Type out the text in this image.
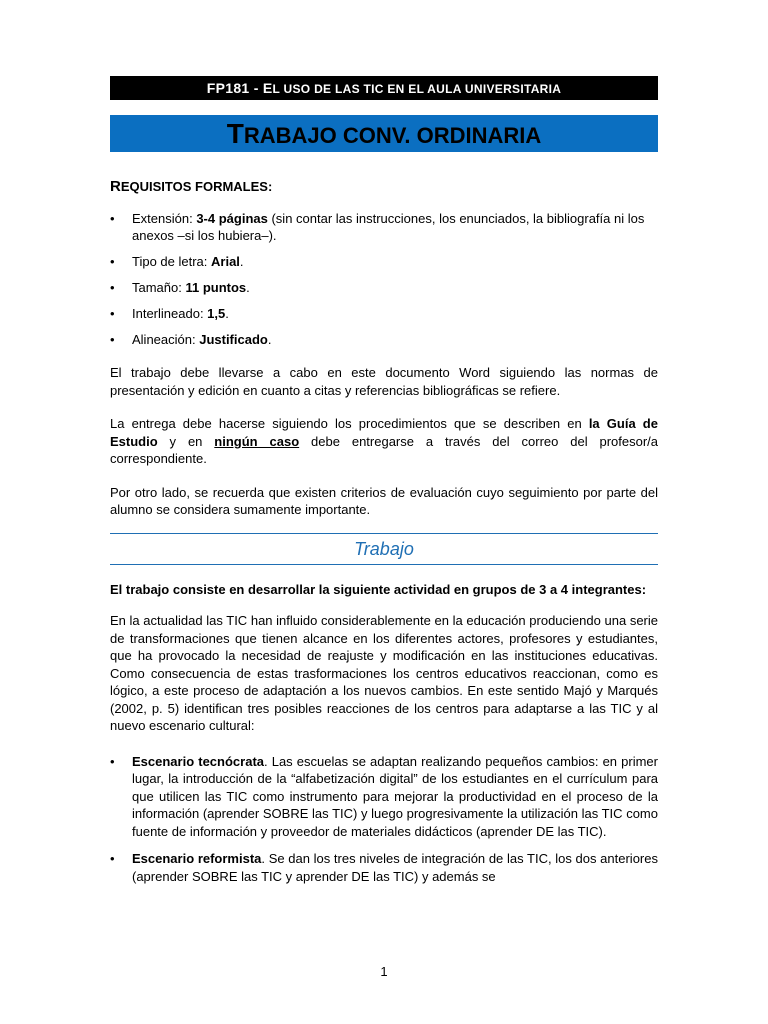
FP181 - EL USO DE LAS TIC EN EL AULA UNIVERSITARIA
TRABAJO CONV. ORDINARIA
REQUISITOS FORMALES:
• Extensión: 3-4 páginas (sin contar las instrucciones, los enunciados, la bibliografía ni los anexos –si los hubiera–).
• Tipo de letra: Arial.
• Tamaño: 11 puntos.
• Interlineado: 1,5.
• Alineación: Justificado.

El trabajo debe llevarse a cabo en este documento Word siguiendo las normas de presentación y edición en cuanto a citas y referencias bibliográficas se refiere.

La entrega debe hacerse siguiendo los procedimientos que se describen en la Guía de Estudio y en ningún caso debe entregarse a través del correo del profesor/a correspondiente.

Por otro lado, se recuerda que existen criterios de evaluación cuyo seguimiento por parte del alumno se considera sumamente importante.

Trabajo

El trabajo consiste en desarrollar la siguiente actividad en grupos de 3 a 4 integrantes:

En la actualidad las TIC han influido considerablemente en la educación produciendo una serie de transformaciones que tienen alcance en los diferentes actores, profesores y estudiantes, que ha provocado la necesidad de reajuste y modificación en las instituciones educativas. Como consecuencia de estas trasformaciones los centros educativos reaccionan, como es lógico, a este proceso de adaptación a los nuevos cambios. En este sentido Majó y Marqués (2002, p. 5) identifican tres posibles reacciones de los centros para adaptarse a las TIC y al nuevo escenario cultural:

• Escenario tecnócrata. Las escuelas se adaptan realizando pequeños cambios: en primer lugar, la introducción de la “alfabetización digital” de los estudiantes en el currículum para que utilicen las TIC como instrumento para mejorar la productividad en el proceso de la información (aprender SOBRE las TIC) y luego progresivamente la utilización las TIC como fuente de información y proveedor de materiales didácticos (aprender DE las TIC).
• Escenario reformista. Se dan los tres niveles de integración de las TIC, los dos anteriores (aprender SOBRE las TIC y aprender DE las TIC) y además se
1
